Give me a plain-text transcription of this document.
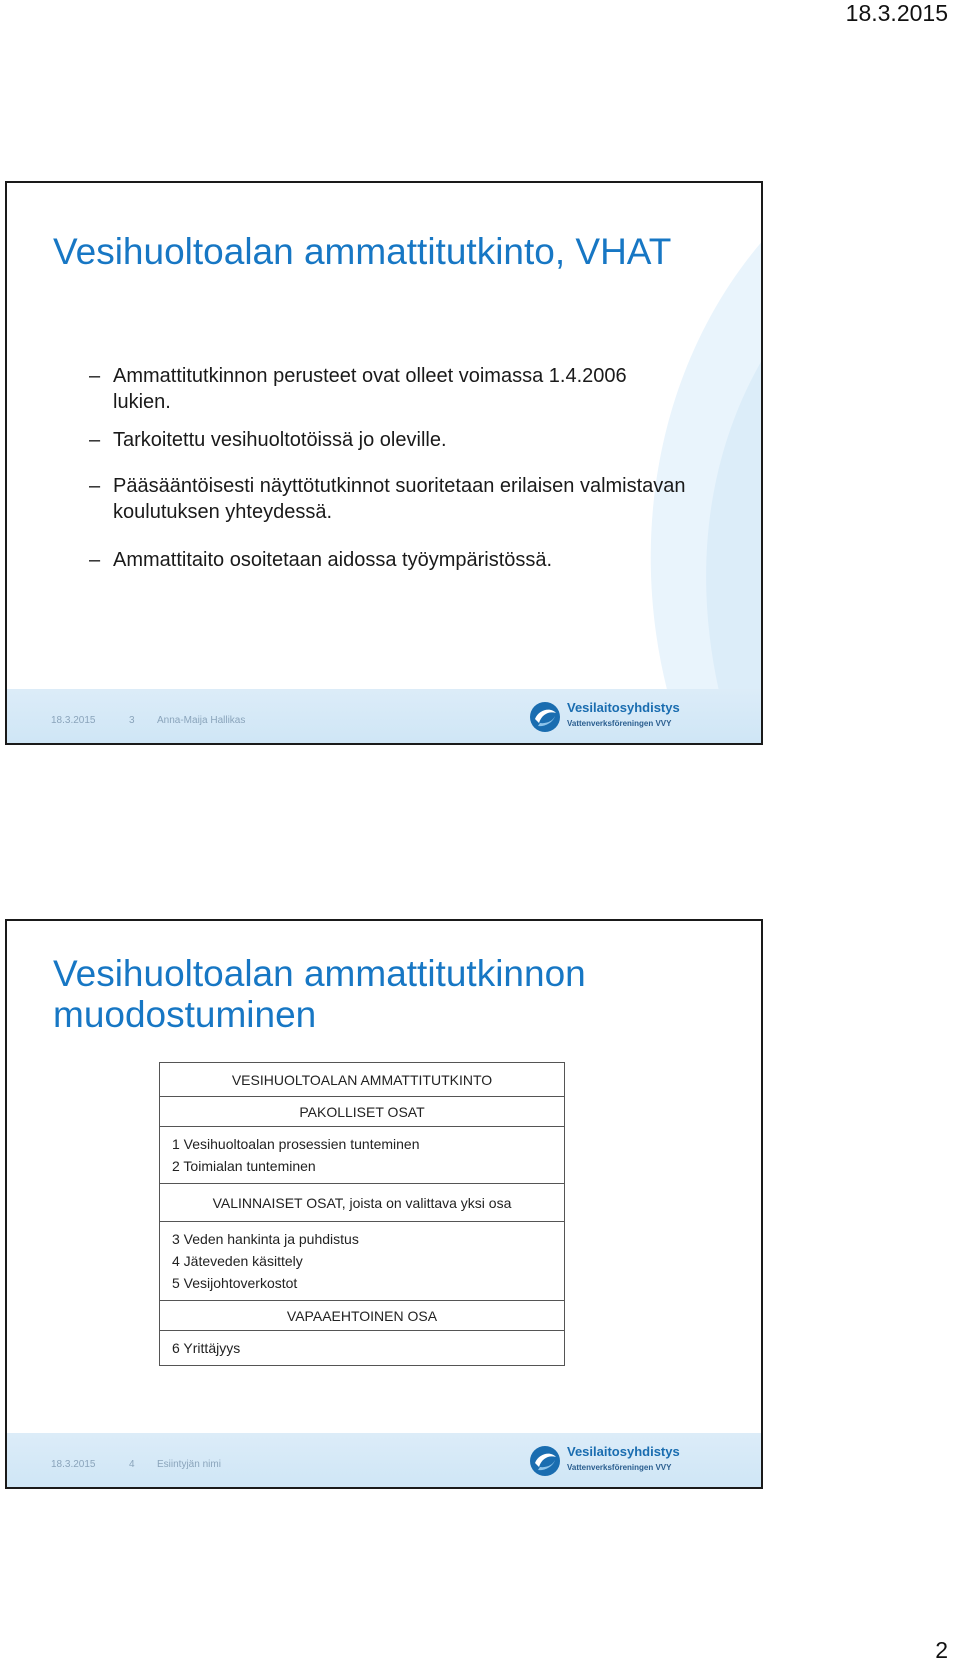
18.3.2015
Vesihuoltoalan ammattitutkinto, VHAT
– Ammattitutkinnon perusteet ovat olleet voimassa 1.4.2006 lukien.
– Tarkoitettu vesihuoltotöissä jo oleville.
– Pääsääntöisesti näyttötutkinnot suoritetaan erilaisen valmistavan koulutuksen yhteydessä.
– Ammattitaito osoitetaan aidossa työympäristössä.
18.3.2015	3 Anna-Maija Hallikas
Vesilaitosyhdistys
Vattenverksföreningen VVY
Vesihuoltoalan ammattitutkinnon muodostuminen
VESIHUOLTOALAN AMMATTITUTKINTO
PAKOLLISET OSAT
1 Vesihuoltoalan prosessien tunteminen
2 Toimialan tunteminen
VALINNAISET OSAT, joista on valittava yksi osa
3 Veden hankinta ja puhdistus
4 Jäteveden käsittely
5 Vesijohtoverkostot
VAPAAEHTOINEN OSA
6 Yrittäjyys
18.3.2015	4 Esiintyjän nimi
Vesilaitosyhdistys
Vattenverksföreningen VVY
2
